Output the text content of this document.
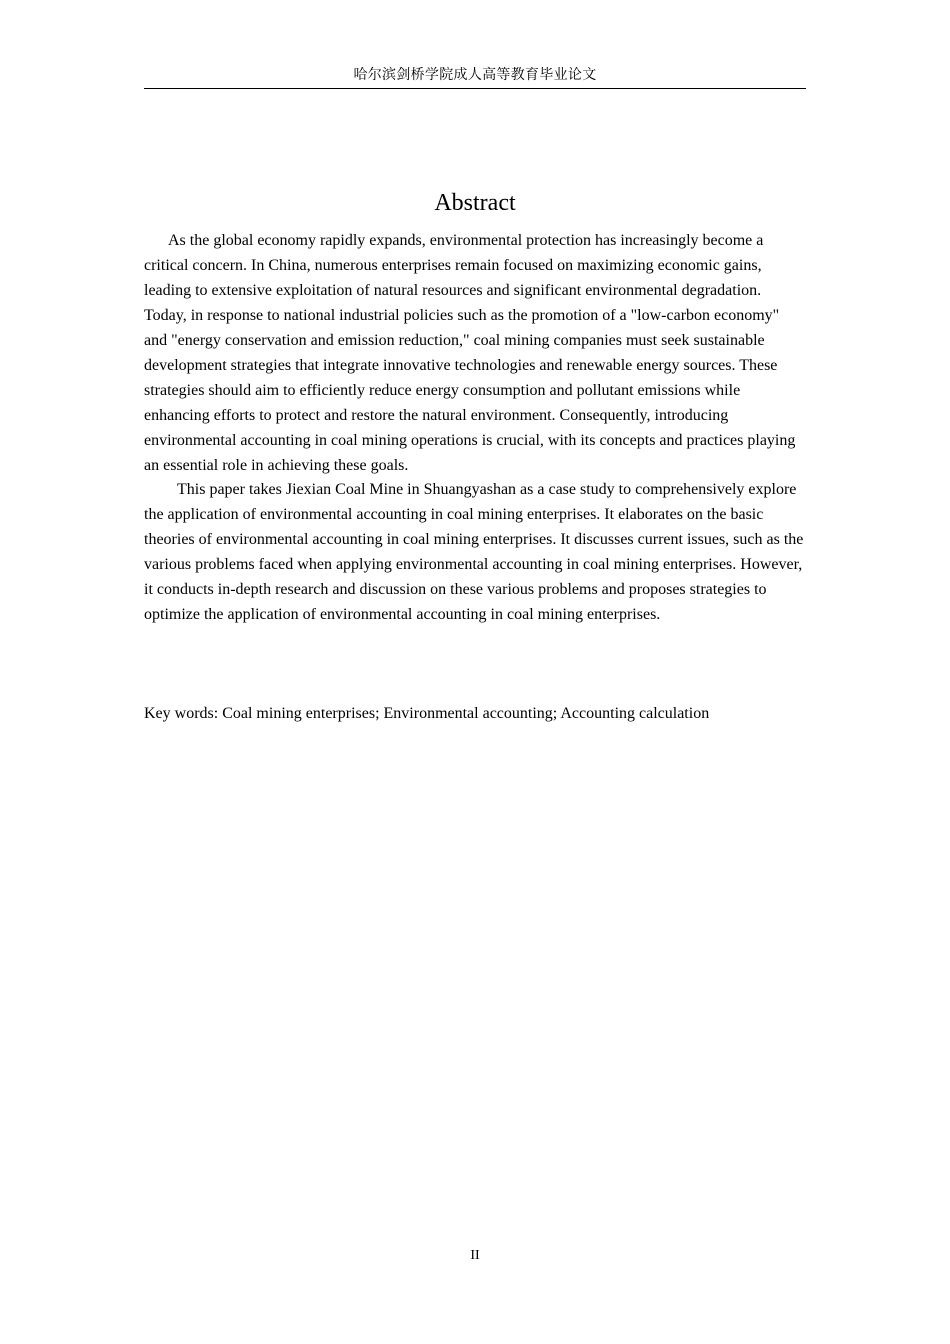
哈尔滨剑桥学院成人高等教育毕业论文
Abstract

As the global economy rapidly expands, environmental protection has increasingly become a critical concern. In China, numerous enterprises remain focused on maximizing economic gains, leading to extensive exploitation of natural resources and significant environmental degradation. Today, in response to national industrial policies such as the promotion of a "low-carbon economy" and "energy conservation and emission reduction," coal mining companies must seek sustainable development strategies that integrate innovative technologies and renewable energy sources. These strategies should aim to efficiently reduce energy consumption and pollutant emissions while enhancing efforts to protect and restore the natural environment. Consequently, introducing environmental accounting in coal mining operations is crucial, with its concepts and practices playing an essential role in achieving these goals.

This paper takes Jiexian Coal Mine in Shuangyashan as a case study to comprehensively explore the application of environmental accounting in coal mining enterprises. It elaborates on the basic theories of environmental accounting in coal mining enterprises. It discusses current issues, such as the various problems faced when applying environmental accounting in coal mining enterprises. However, it conducts in-depth research and discussion on these various problems and proposes strategies to optimize the application of environmental accounting in coal mining enterprises.

Key words: Coal mining enterprises; Environmental accounting; Accounting calculation
II
